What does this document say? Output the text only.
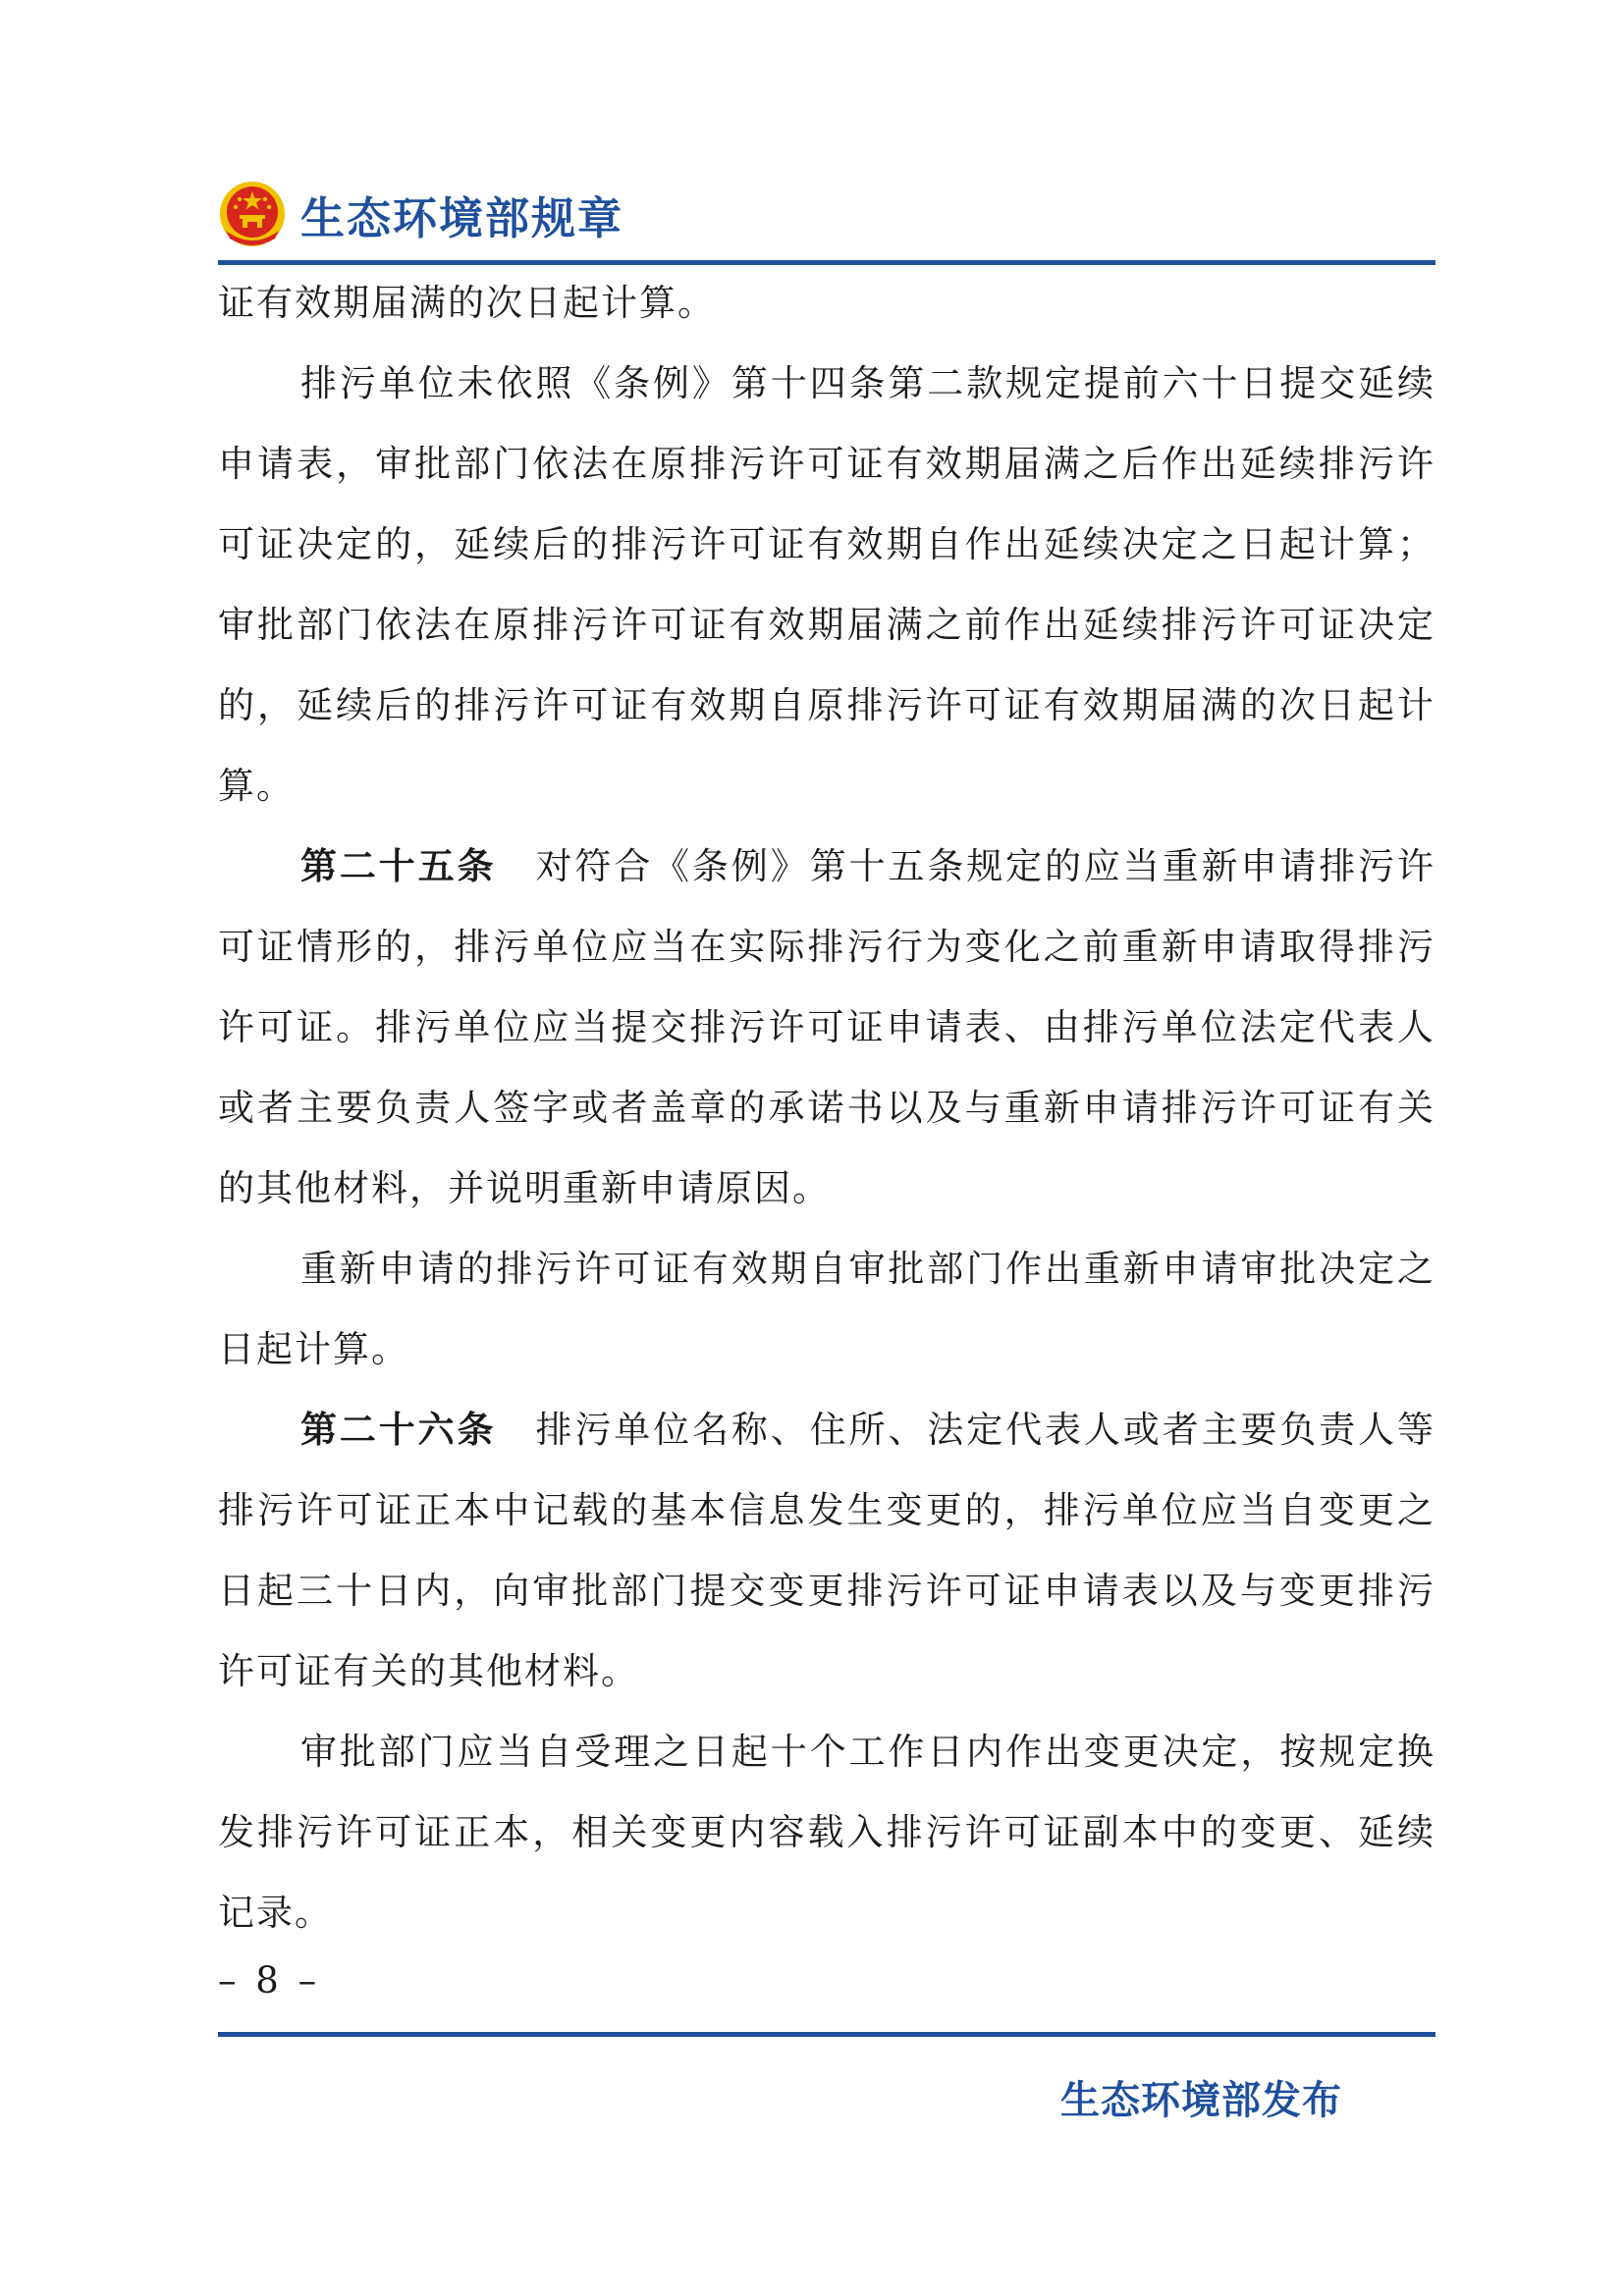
生态环境部规章

证有效期届满的次日起计算。

排污单位未依照《条例》第十四条第二款规定提前六十日提交延续申请表，审批部门依法在原排污许可证有效期届满之后作出延续排污许可证决定的，延续后的排污许可证有效期自作出延续决定之日起计算；审批部门依法在原排污许可证有效期届满之前作出延续排污许可证决定的，延续后的排污许可证有效期自原排污许可证有效期届满的次日起计算。

第二十五条 对符合《条例》第十五条规定的应当重新申请排污许可证情形的，排污单位应当在实际排污行为变化之前重新申请取得排污许可证。排污单位应当提交排污许可证申请表、由排污单位法定代表人或者主要负责人签字或者盖章的承诺书以及与重新申请排污许可证有关的其他材料，并说明重新申请原因。

重新申请的排污许可证有效期自审批部门作出重新申请审批决定之日起计算。

第二十六条 排污单位名称、住所、法定代表人或者主要负责人等排污许可证正本中记载的基本信息发生变更的，排污单位应当自变更之日起三十日内，向审批部门提交变更排污许可证申请表以及与变更排污许可证有关的其他材料。

审批部门应当自受理之日起十个工作日内作出变更决定，按规定换发排污许可证正本，相关变更内容载入排污许可证副本中的变更、延续记录。

– 8 –
生态环境部发布
